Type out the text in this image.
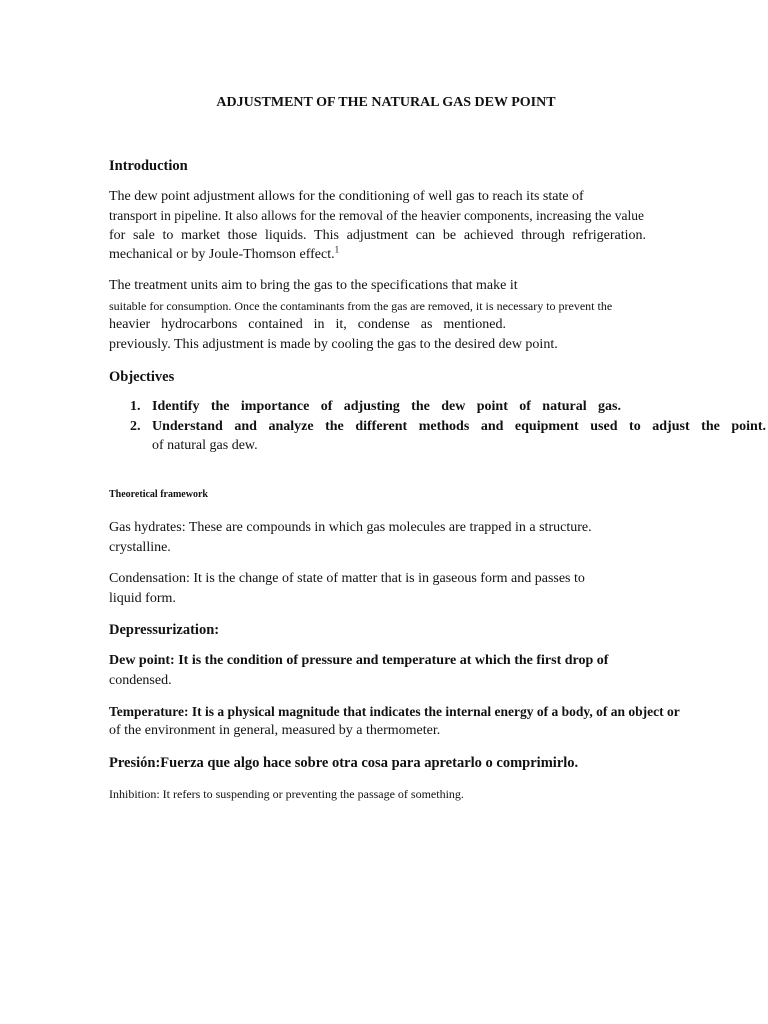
ADJUSTMENT OF THE NATURAL GAS DEW POINT
Introduction
The dew point adjustment allows for the conditioning of well gas to reach its state of
transport in pipeline. It also allows for the removal of the heavier components, increasing the value
for sale to market those liquids. This adjustment can be achieved through refrigeration.
mechanical or by Joule-Thomson effect.$^1$
The treatment units aim to bring the gas to the specifications that make it
suitable for consumption. Once the contaminants from the gas are removed, it is necessary to prevent the
heavier hydrocarbons contained in it, condense as mentioned.
previously. This adjustment is made by cooling the gas to the desired dew point.
Objectives
1. Identify the importance of adjusting the dew point of natural gas.
2. Understand and analyze the different methods and equipment used to adjust the point.
of natural gas dew.
Theoretical framework
Gas hydrates: These are compounds in which gas molecules are trapped in a structure.
crystalline.
Condensation: It is the change of state of matter that is in gaseous form and passes to
liquid form.
Depressurization:
Dew point: It is the condition of pressure and temperature at which the first drop of
condensed.
Temperature: It is a physical magnitude that indicates the internal energy of a body, of an object or
of the environment in general, measured by a thermometer.
Presión:Fuerza que algo hace sobre otra cosa para apretarlo o comprimirlo.
Inhibition: It refers to suspending or preventing the passage of something.
